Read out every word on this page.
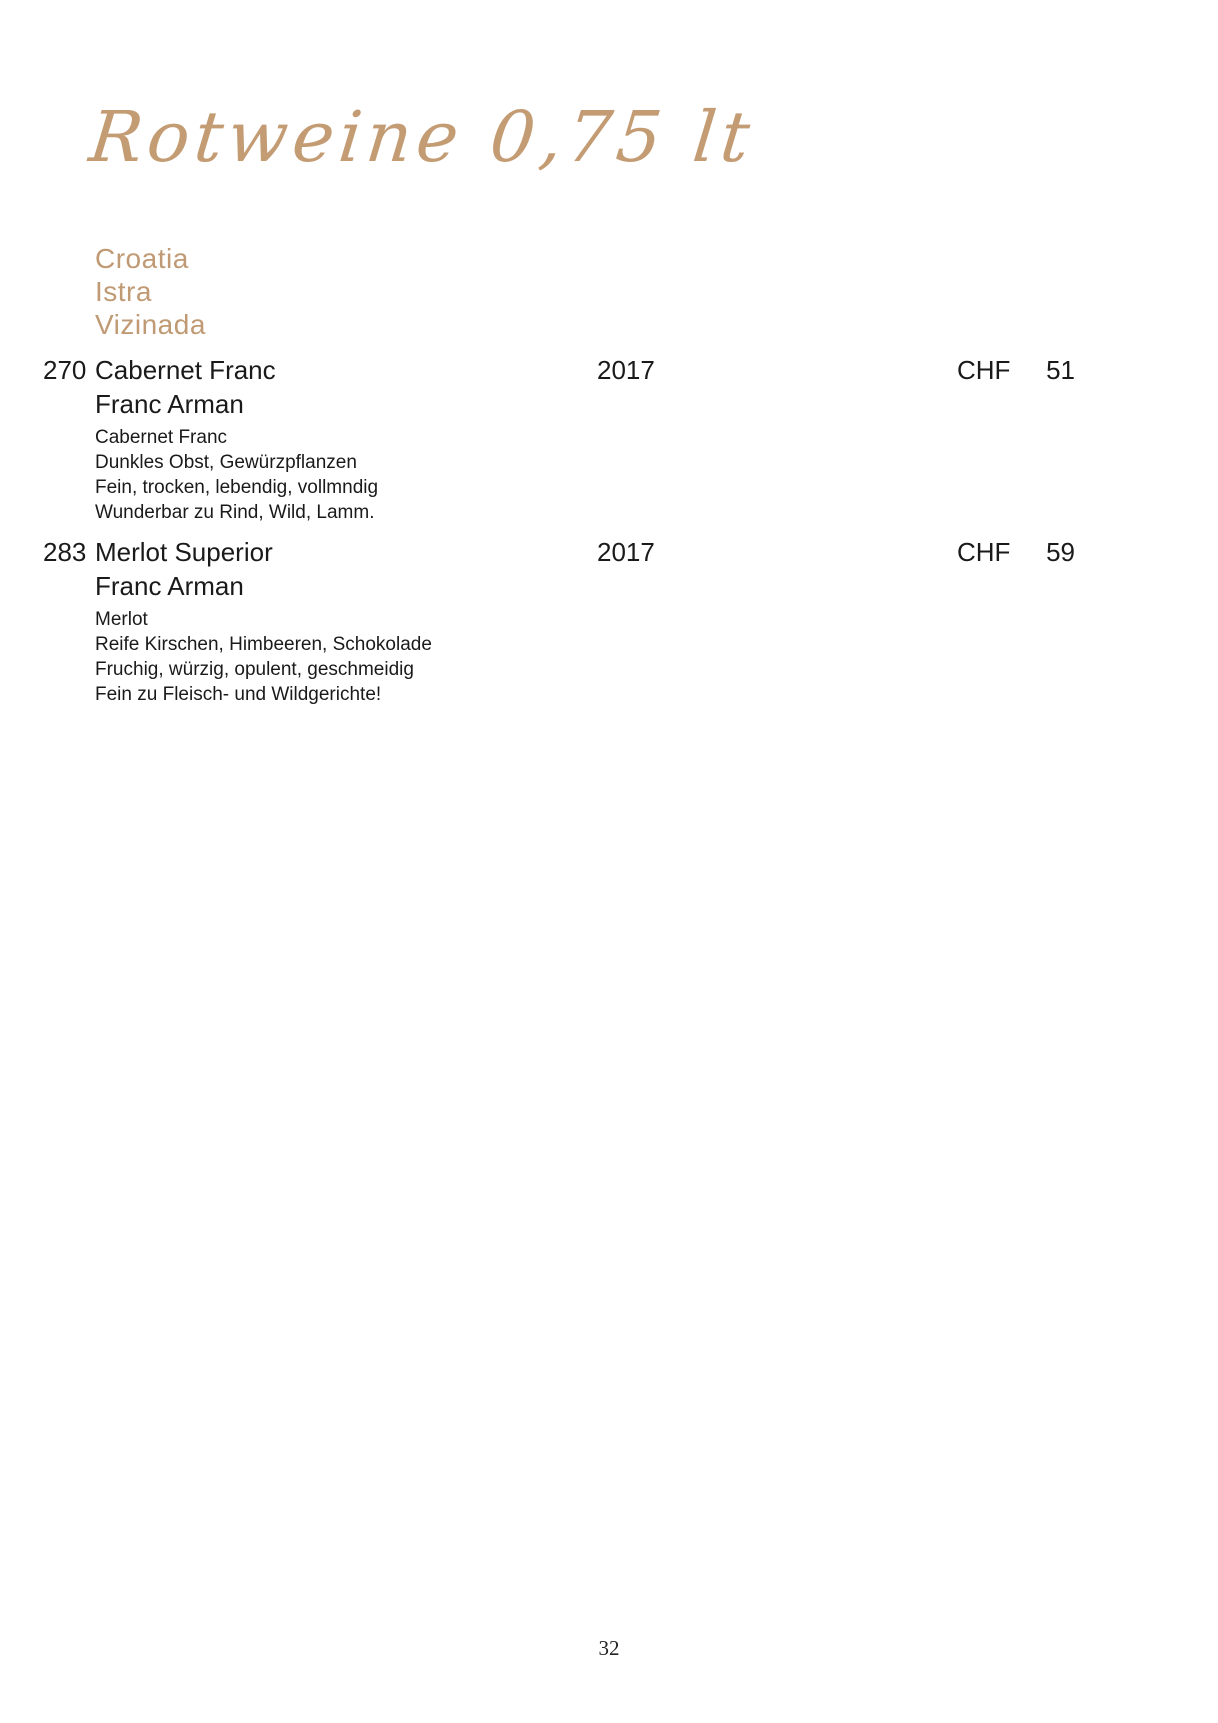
Rotweine 0,75 lt
Croatia
Istra
Vizinada
270 Cabernet Franc	2017	CHF	51
Franc Arman
Cabernet Franc
Dunkles Obst, Gewürzpflanzen
Fein, trocken, lebendig, vollmndig
Wunderbar zu Rind, Wild, Lamm.
283 Merlot Superior	2017	CHF	59
Franc Arman
Merlot
Reife Kirschen, Himbeeren, Schokolade
Fruchig, würzig, opulent, geschmeidig
Fein zu Fleisch- und Wildgerichte!
32
